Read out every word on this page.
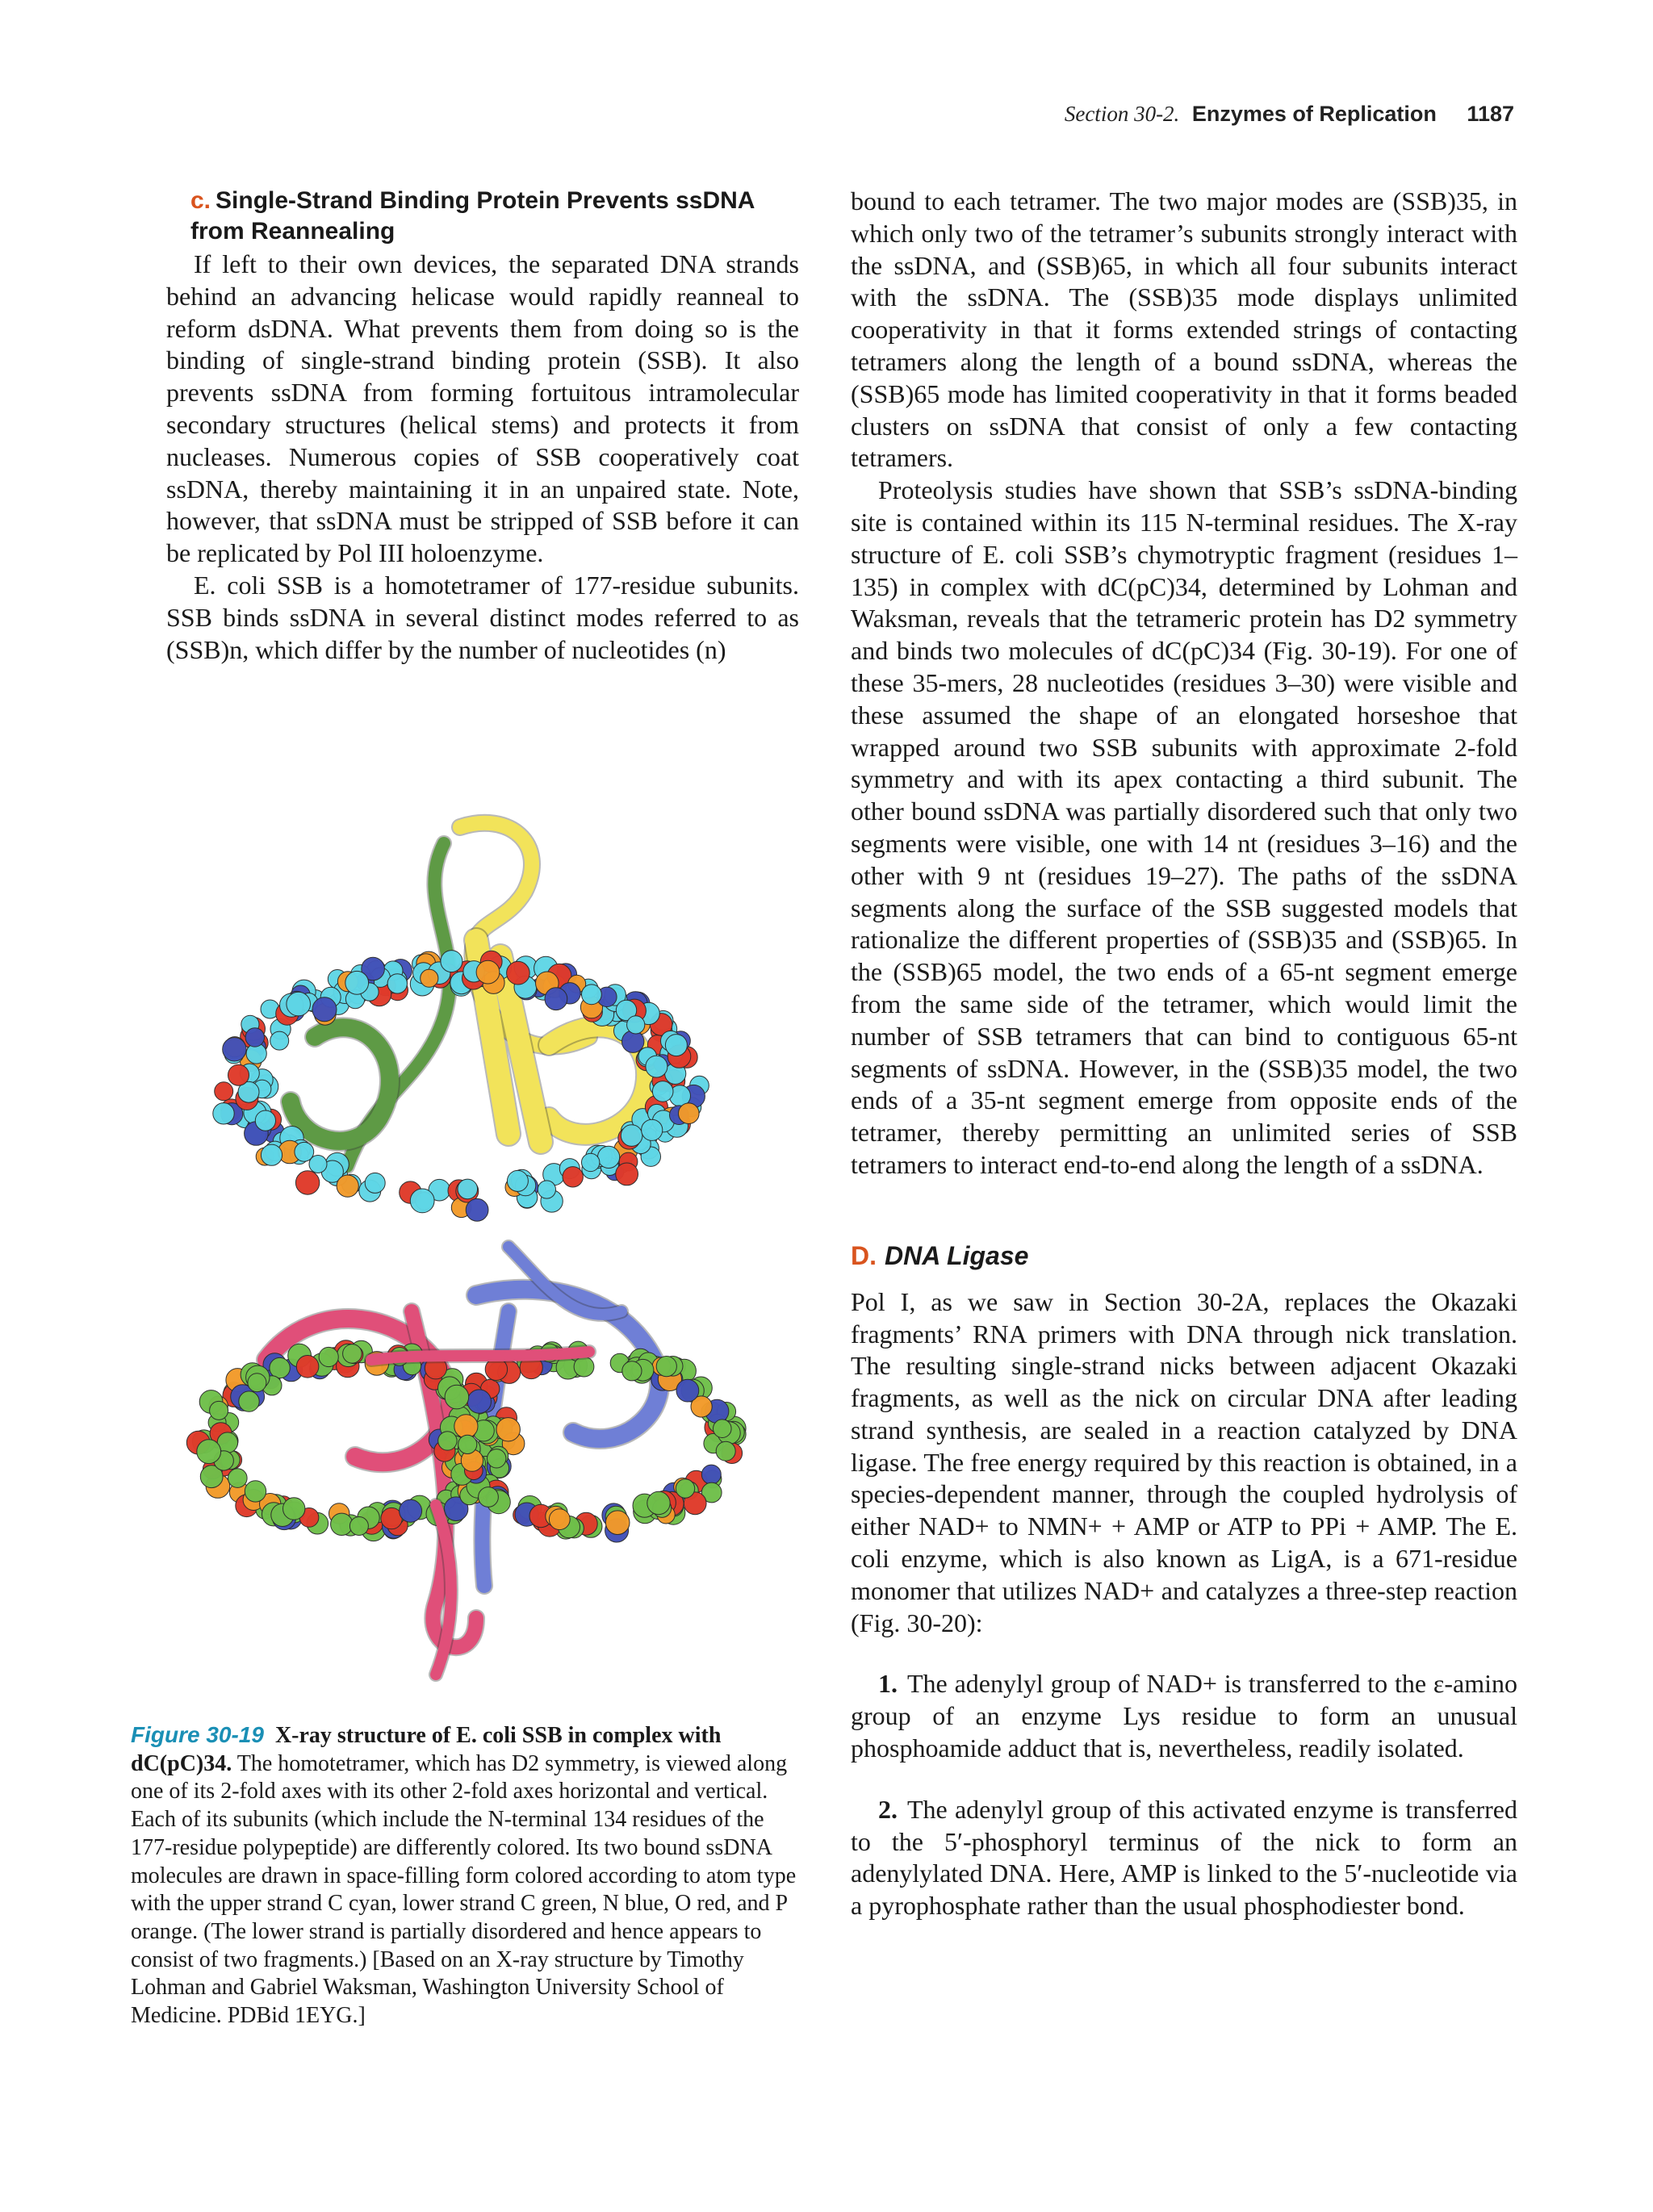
Section 30-2. Enzymes of Replication 1187
c. Single-Strand Binding Protein Prevents ssDNA from Reannealing

If left to their own devices, the separated DNA strands behind an advancing helicase would rapidly reanneal to reform dsDNA. What prevents them from doing so is the binding of single-strand binding protein (SSB). It also prevents ssDNA from forming fortuitous intramolecular secondary structures (helical stems) and protects it from nucleases. Numerous copies of SSB cooperatively coat ssDNA, thereby maintaining it in an unpaired state. Note, however, that ssDNA must be stripped of SSB before it can be replicated by Pol III holoenzyme.

E. coli SSB is a homotetramer of 177-residue subunits. SSB binds ssDNA in several distinct modes referred to as (SSB)n, which differ by the number of nucleotides (n)

Figure 30-19 X-ray structure of E. coli SSB in complex with dC(pC)34. The homotetramer, which has D2 symmetry, is viewed along one of its 2-fold axes with its other 2-fold axes horizontal and vertical. Each of its subunits (which include the N-terminal 134 residues of the 177-residue polypeptide) are differently colored. Its two bound ssDNA molecules are drawn in space-filling form colored according to atom type with the upper strand C cyan, lower strand C green, N blue, O red, and P orange. (The lower strand is partially disordered and hence appears to consist of two fragments.) [Based on an X-ray structure by Timothy Lohman and Gabriel Waksman, Washington University School of Medicine. PDBid 1EYG.]

bound to each tetramer. The two major modes are (SSB)35, in which only two of the tetramer’s subunits strongly interact with the ssDNA, and (SSB)65, in which all four subunits interact with the ssDNA. The (SSB)35 mode displays unlimited cooperativity in that it forms extended strings of contacting tetramers along the length of a bound ssDNA, whereas the (SSB)65 mode has limited cooperativity in that it forms beaded clusters on ssDNA that consist of only a few contacting tetramers.

Proteolysis studies have shown that SSB’s ssDNA-binding site is contained within its 115 N-terminal residues. The X-ray structure of E. coli SSB’s chymotryptic fragment (residues 1–135) in complex with dC(pC)34, determined by Lohman and Waksman, reveals that the tetrameric protein has D2 symmetry and binds two molecules of dC(pC)34 (Fig. 30-19). For one of these 35-mers, 28 nucleotides (residues 3–30) were visible and these assumed the shape of an elongated horseshoe that wrapped around two SSB subunits with approximate 2-fold symmetry and with its apex contacting a third subunit. The other bound ssDNA was partially disordered such that only two segments were visible, one with 14 nt (residues 3–16) and the other with 9 nt (residues 19–27). The paths of the ssDNA segments along the surface of the SSB suggested models that rationalize the different properties of (SSB)35 and (SSB)65. In the (SSB)65 model, the two ends of a 65-nt segment emerge from the same side of the tetramer, which would limit the number of SSB tetramers that can bind to contiguous 65-nt segments of ssDNA. However, in the (SSB)35 model, the two ends of a 35-nt segment emerge from opposite ends of the tetramer, thereby permitting an unlimited series of SSB tetramers to interact end-to-end along the length of a ssDNA.

D. DNA Ligase

Pol I, as we saw in Section 30-2A, replaces the Okazaki fragments’ RNA primers with DNA through nick translation. The resulting single-strand nicks between adjacent Okazaki fragments, as well as the nick on circular DNA after leading strand synthesis, are sealed in a reaction catalyzed by DNA ligase. The free energy required by this reaction is obtained, in a species-dependent manner, through the coupled hydrolysis of either NAD+ to NMN+ + AMP or ATP to PPi + AMP. The E. coli enzyme, which is also known as LigA, is a 671-residue monomer that utilizes NAD+ and catalyzes a three-step reaction (Fig. 30-20):

1. The adenylyl group of NAD+ is transferred to the ε-amino group of an enzyme Lys residue to form an unusual phosphoamide adduct that is, nevertheless, readily isolated.
2. The adenylyl group of this activated enzyme is transferred to the 5′-phosphoryl terminus of the nick to form an adenylylated DNA. Here, AMP is linked to the 5′-nucleotide via a pyrophosphate rather than the usual phosphodiester bond.
